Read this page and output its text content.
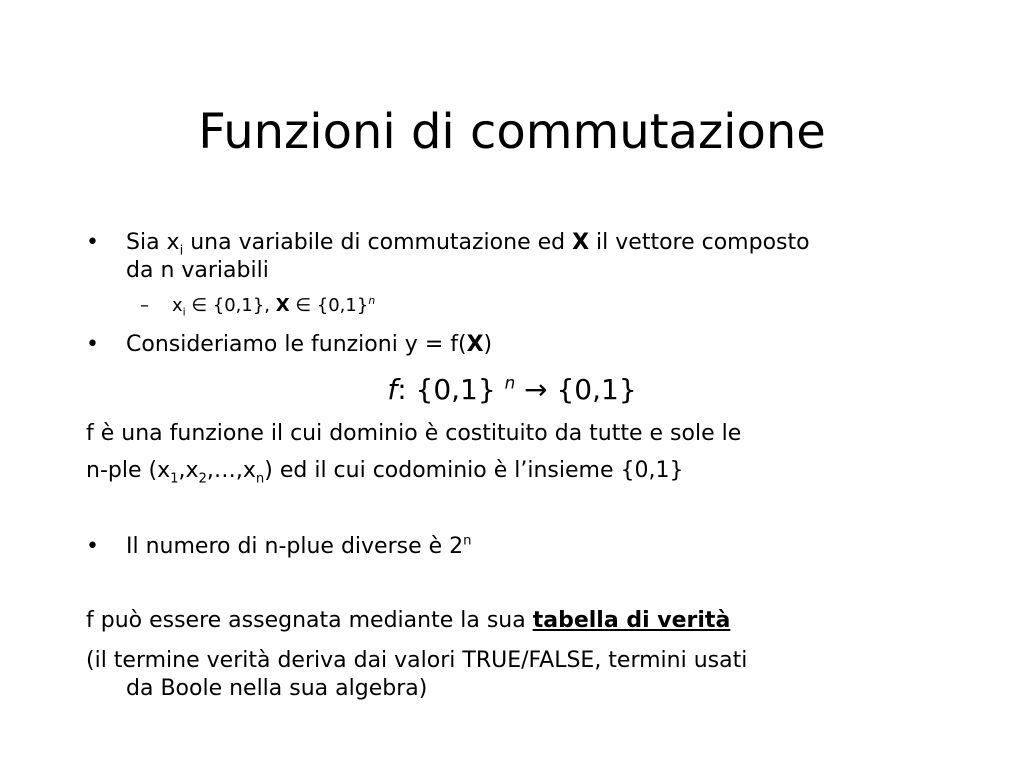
Funzioni di commutazione
• Sia $x_i$ una variabile di commutazione ed X il vettore composto
da n variabili
– $x_i$ ∈ {0,1}, X ∈ $\{0,1\}^n$
• Consideriamo le funzioni y = f(X)
f: {0,1} $^n$ → {0,1}
f è una funzione il cui dominio è costituito da tutte e sole le
n-ple $(x_1,x_2,\dots,x_n)$ ed il cui codominio è l’insieme {0,1}
• Il numero di n-plue diverse è 2$^n$
f può essere assegnata mediante la sua tabella di verità
(il termine verità deriva dai valori TRUE/FALSE, termini usati
da Boole nella sua algebra)
